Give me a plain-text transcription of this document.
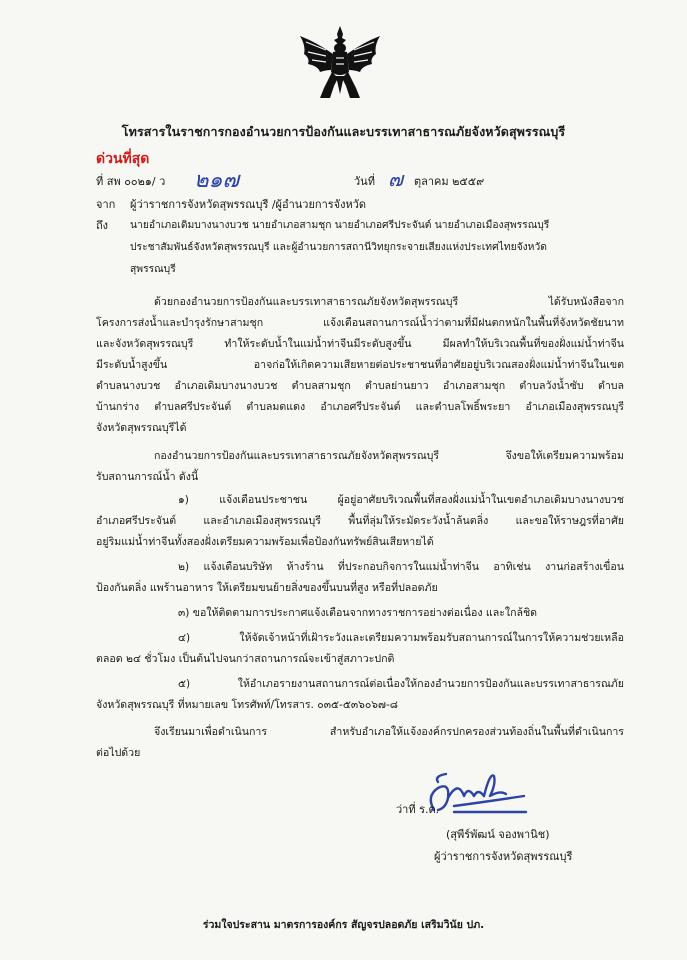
โทรสารในราชการกองอำนวยการป้องกันและบรรเทาสาธารณภัยจังหวัดสุพรรณบุรี
ด่วนที่สุด
ที่ สพ ๐๐๒๑/ ว ๒๑๗	วันที่ ๗ ตุลาคม ๒๕๕๙
จาก ผู้ว่าราชการจังหวัดสุพรรณบุรี /ผู้อำนวยการจังหวัด
ถึง นายอำเภอเดิมบางนางบวช นายอำเภอสามชุก นายอำเภอศรีประจันต์ นายอำเภอเมืองสุพรรณบุรี
ประชาสัมพันธ์จังหวัดสุพรรณบุรี และผู้อำนวยการสถานีวิทยุกระจายเสียงแห่งประเทศไทยจังหวัด
สุพรรณบุรี
ด้วยกองอำนวยการป้องกันและบรรเทาสาธารณภัยจังหวัดสุพรรณบุรี ได้รับหนังสือจาก
โครงการส่งน้ำและบำรุงรักษาสามชุก แจ้งเตือนสถานการณ์น้ำว่าตามที่มีฝนตกหนักในพื้นที่จังหวัดชัยนาท
และจังหวัดสุพรรณบุรี ทำให้ระดับน้ำในแม่น้ำท่าจีนมีระดับสูงขึ้น มีผลทำให้บริเวณพื้นที่ของฝั่งแม่น้ำท่าจีน
มีระดับน้ำสูงขึ้น อาจก่อให้เกิดความเสียหายต่อประชาชนที่อาศัยอยู่บริเวณสองฝั่งแม่น้ำท่าจีนในเขต
ตำบลนางบวช อำเภอเดิมบางนางบวช ตำบลสามชุก ตำบลย่านยาว อำเภอสามชุก ตำบลวังน้ำซับ ตำบล
บ้านกร่าง ตำบลศรีประจันต์ ตำบลมดแดง อำเภอศรีประจันต์ และตำบลโพธิ์พระยา อำเภอเมืองสุพรรณบุรี
จังหวัดสุพรรณบุรีได้
กองอำนวยการป้องกันและบรรเทาสาธารณภัยจังหวัดสุพรรณบุรี จึงขอให้เตรียมความพร้อม
รับสถานการณ์น้ำ ดังนี้
๑) แจ้งเตือนประชาชน ผู้อยู่อาศัยบริเวณพื้นที่สองฝั่งแม่น้ำในเขตอำเภอเดิมบางนางบวช
อำเภอศรีประจันต์ และอำเภอเมืองสุพรรณบุรี พื้นที่ลุ่มให้ระมัดระวังน้ำล้นตลิ่ง และขอให้ราษฎรที่อาศัย
อยู่ริมแม่น้ำท่าจีนทั้งสองฝั่งเตรียมความพร้อมเพื่อป้องกันทรัพย์สินเสียหายได้
๒) แจ้งเตือนบริษัท ห้างร้าน ที่ประกอบกิจการในแม่น้ำท่าจีน อาทิเช่น งานก่อสร้างเขื่อน
ป้องกันตลิ่ง แพร้านอาหาร ให้เตรียมขนย้ายสิ่งของขึ้นบนที่สูง หรือที่ปลอดภัย
๓) ขอให้ติดตามการประกาศแจ้งเตือนจากทางราชการอย่างต่อเนื่อง และใกล้ชิด
๔) ให้จัดเจ้าหน้าที่เฝ้าระวังและเตรียมความพร้อมรับสถานการณ์ในการให้ความช่วยเหลือ
ตลอด ๒๔ ชั่วโมง เป็นต้นไปจนกว่าสถานการณ์จะเข้าสู่สภาวะปกติ
๕) ให้อำเภอรายงานสถานการณ์ต่อเนื่องให้กองอำนวยการป้องกันและบรรเทาสาธารณภัย
จังหวัดสุพรรณบุรี ที่หมายเลข โทรศัพท์/โทรสาร. ๐๓๕-๕๓๖๐๖๗-๘
จึงเรียนมาเพื่อดำเนินการ สำหรับอำเภอให้แจ้งองค์กรปกครองส่วนท้องถิ่นในพื้นที่ดำเนินการ
ต่อไปด้วย
ว่าที่ ร.ต.
(สุพีร์พัฒน์ จองพานิช)
ผู้ว่าราชการจังหวัดสุพรรณบุรี
ร่วมใจประสาน มาตรการองค์กร สัญจรปลอดภัย เสริมวินัย ปภ.
